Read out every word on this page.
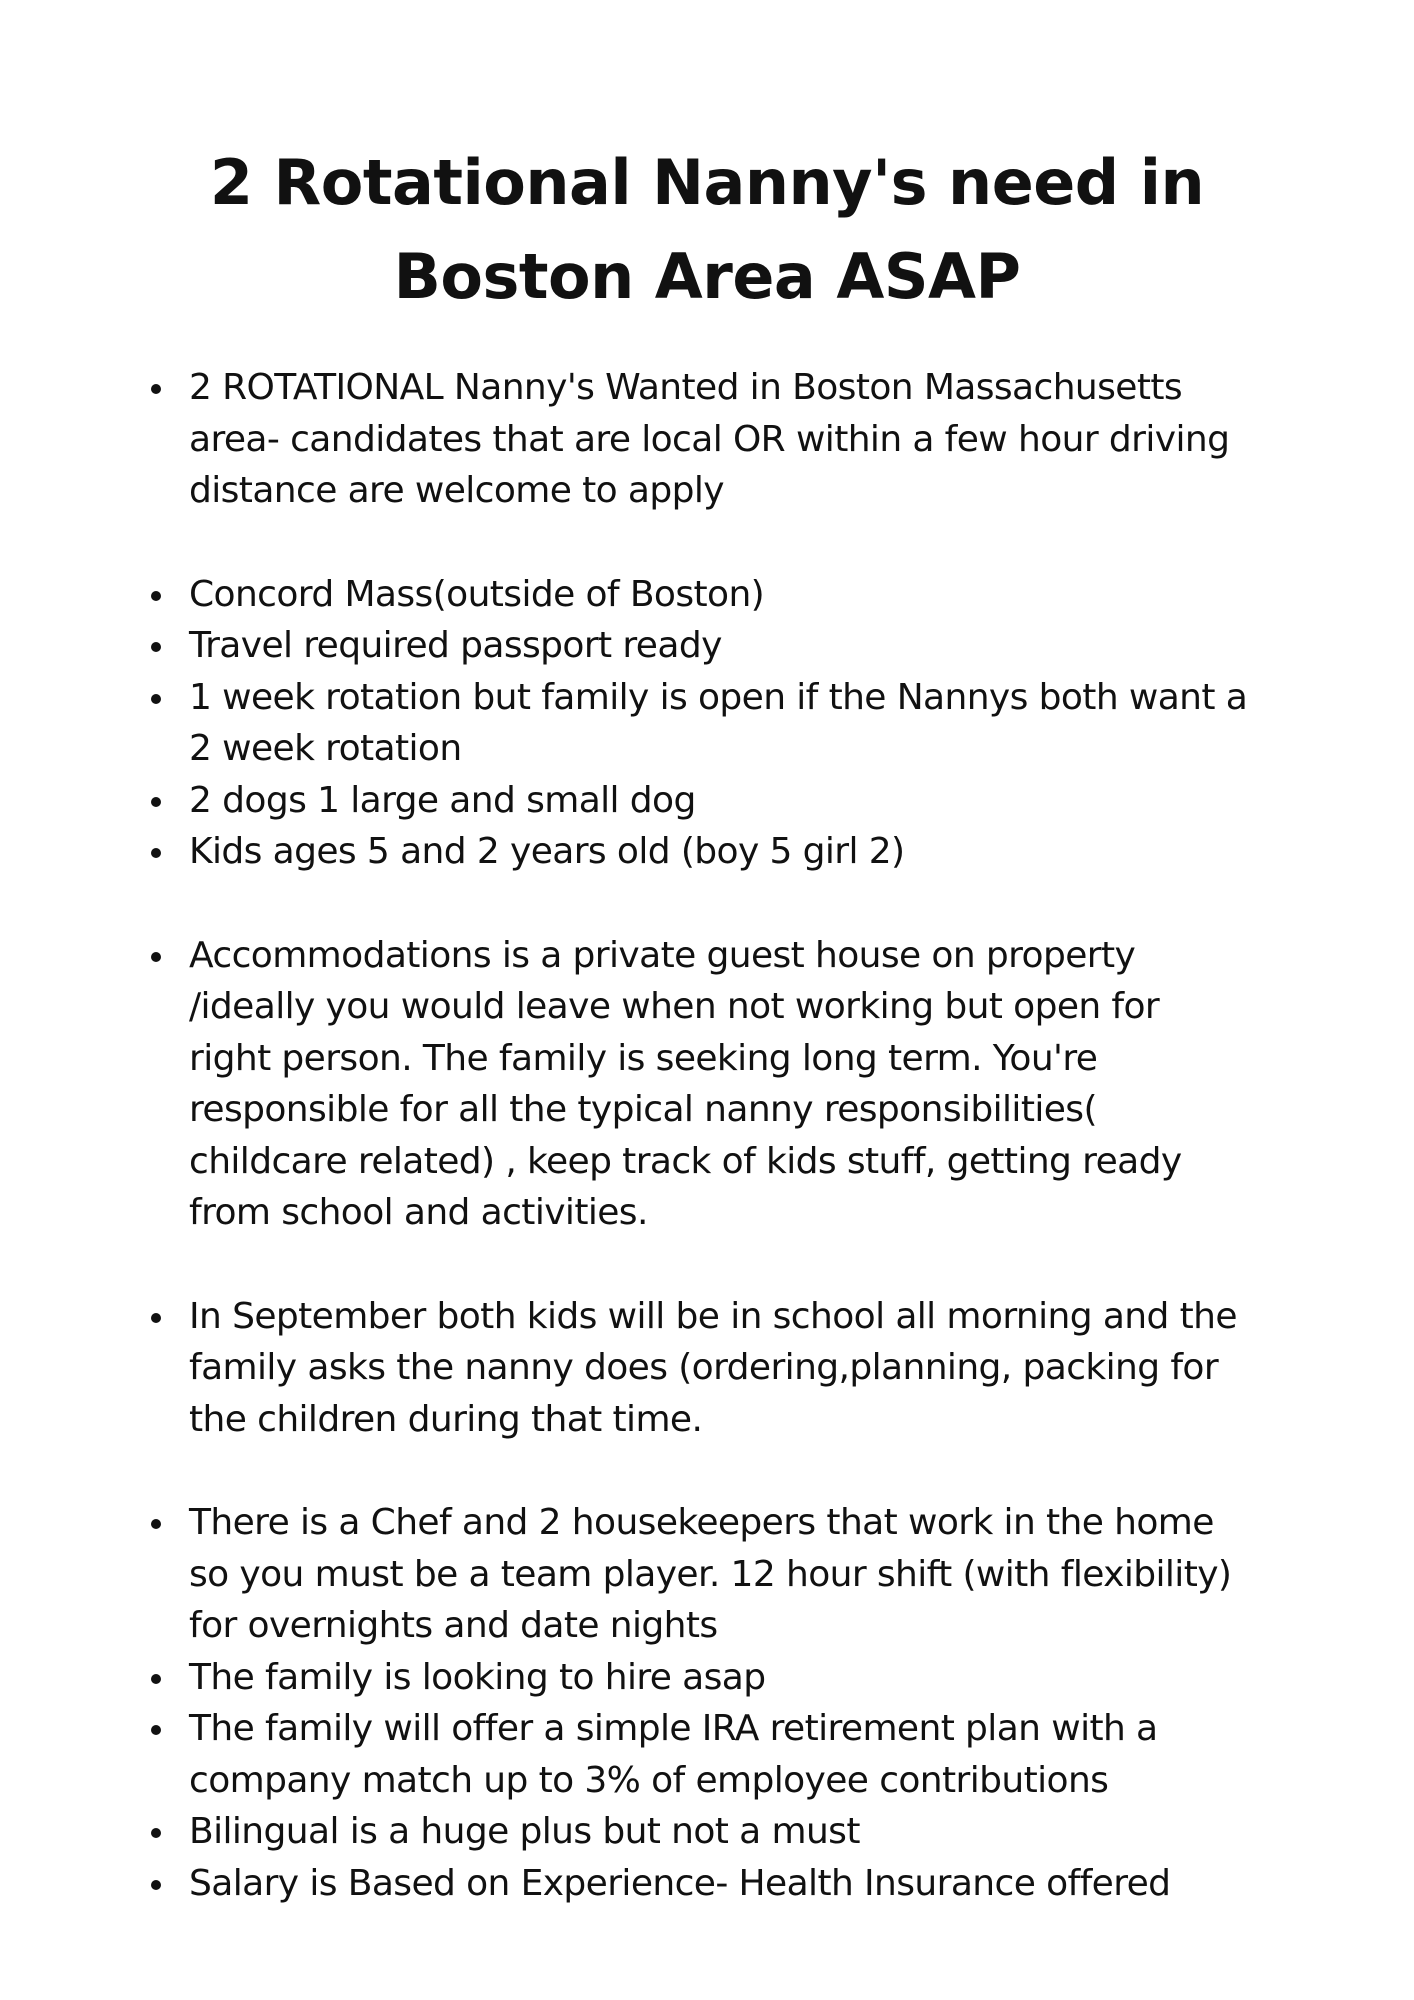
2 Rotational Nanny's need in
Boston Area ASAP
2 ROTATIONAL Nanny's Wanted in Boston Massachusetts
area- candidates that are local OR within a few hour driving
distance are welcome to apply
Concord Mass(outside of Boston)
Travel required passport ready
1 week rotation but family is open if the Nannys both want a
2 week rotation
2 dogs 1 large and small dog
Kids ages 5 and 2 years old (boy 5 girl 2)
Accommodations is a private guest house on property
/ideally you would leave when not working but open for
right person. The family is seeking long term. You're
responsible for all the typical nanny responsibilities(
childcare related) , keep track of kids stuff, getting ready
from school and activities.
In September both kids will be in school all morning and the
family asks the nanny does (ordering,planning, packing for
the children during that time.
There is a Chef and 2 housekeepers that work in the home
so you must be a team player. 12 hour shift (with flexibility)
for overnights and date nights
The family is looking to hire asap
The family will offer a simple IRA retirement plan with a
company match up to 3% of employee contributions
Bilingual is a huge plus but not a must
Salary is Based on Experience- Health Insurance offered
